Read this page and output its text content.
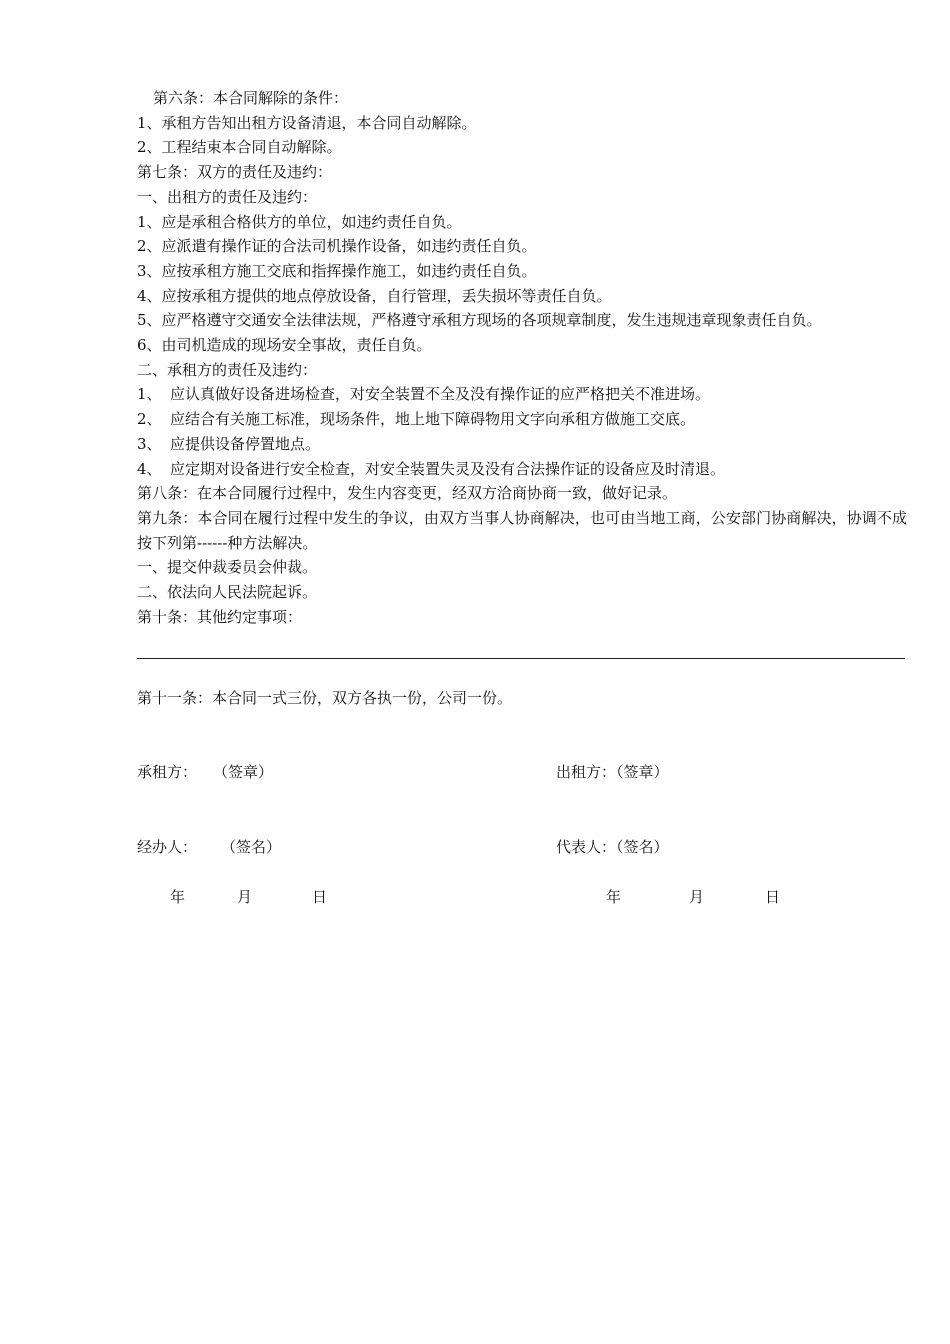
第六条：本合同解除的条件：
1、承租方告知出租方设备清退，本合同自动解除。
2、工程结束本合同自动解除。
第七条：双方的责任及违约：
一、出租方的责任及违约：
1、应是承租合格供方的单位，如违约责任自负。
2、应派遣有操作证的合法司机操作设备，如违约责任自负。
3、应按承租方施工交底和指挥操作施工，如违约责任自负。
4、应按承租方提供的地点停放设备，自行管理，丢失损坏等责任自负。
5、应严格遵守交通安全法律法规，严格遵守承租方现场的各项规章制度，发生违规违章现象责任自负。
6、由司机造成的现场安全事故，责任自负。
二、承租方的责任及违约：
1、 应认真做好设备进场检查，对安全装置不全及没有操作证的应严格把关不准进场。
2、 应结合有关施工标准，现场条件，地上地下障碍物用文字向承租方做施工交底。
3、 应提供设备停置地点。
4、 应定期对设备进行安全检查，对安全装置失灵及没有合法操作证的设备应及时清退。
第八条：在本合同履行过程中，发生内容变更，经双方洽商协商一致，做好记录。
第九条：本合同在履行过程中发生的争议，由双方当事人协商解决，也可由当地工商，公安部门协商解决，协调不成按下列第------种方法解决。
一、提交仲裁委员会仲裁。
二、依法向人民法院起诉。
第十条：其他约定事项：
第十一条：本合同一式三份，双方各执一份，公司一份。
承租方： （签章）	出租方：（签章）
经办人： （签名）	代表人：（签名）
年	月	日	年	月	日
